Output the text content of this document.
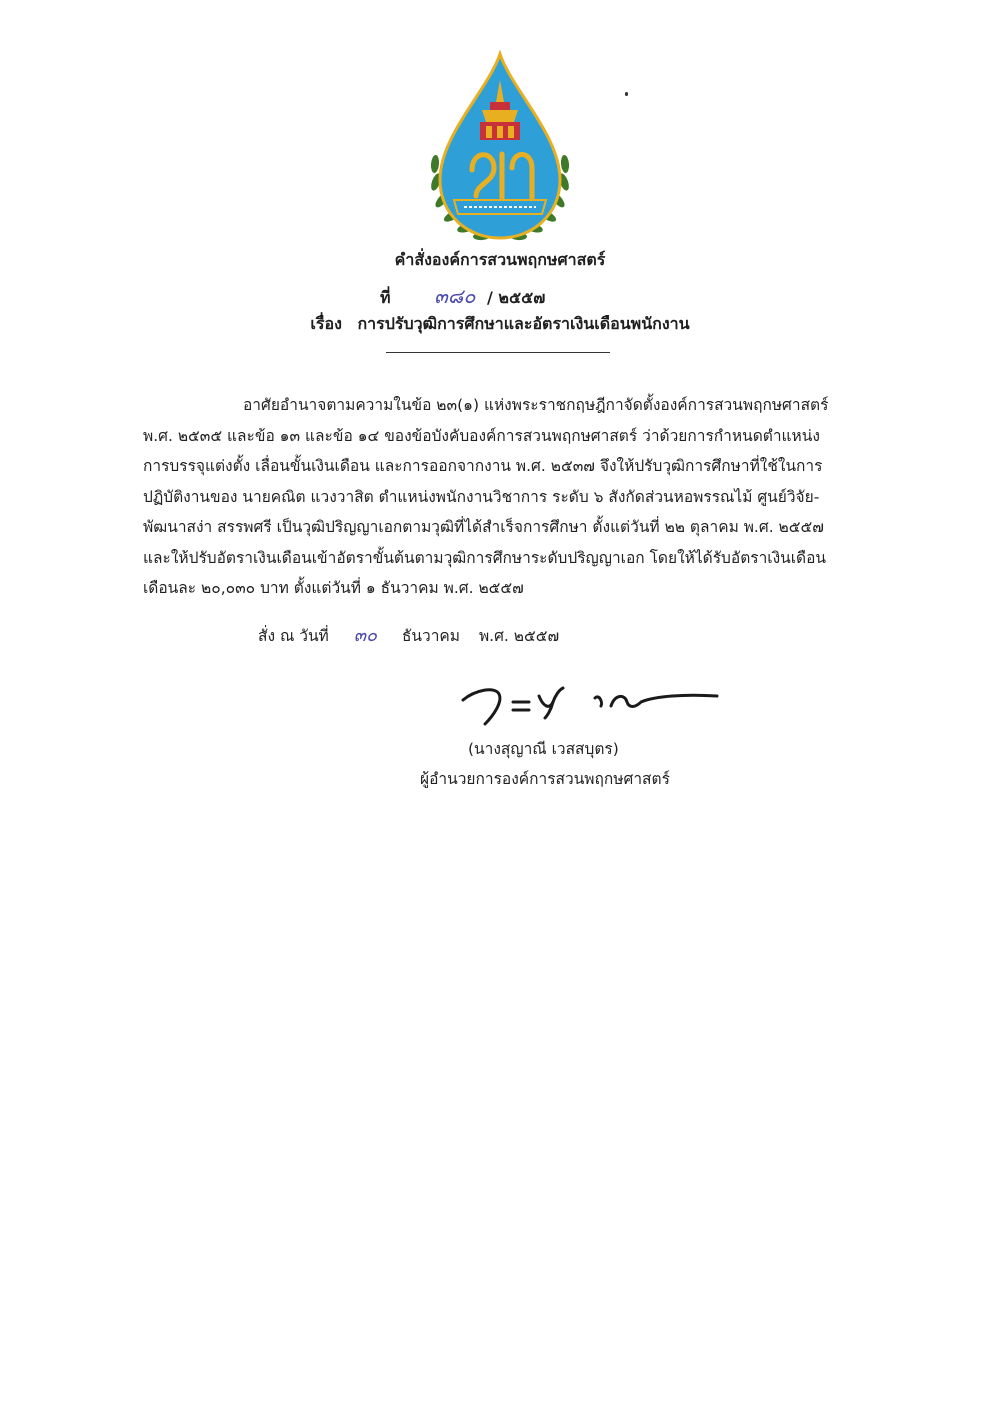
คำสั่งองค์การสวนพฤกษศาสตร์
ที่ ๓๘๐ / ๒๕๕๗
เรื่อง การปรับวุฒิการศึกษาและอัตราเงินเดือนพนักงาน
อาศัยอำนาจตามความในข้อ ๒๓(๑) แห่งพระราชกฤษฎีกาจัดตั้งองค์การสวนพฤกษศาสตร์
พ.ศ. ๒๕๓๕ และข้อ ๑๓ และข้อ ๑๔ ของข้อบังคับองค์การสวนพฤกษศาสตร์ ว่าด้วยการกำหนดตำแหน่ง
การบรรจุแต่งตั้ง เลื่อนขั้นเงินเดือน และการออกจากงาน พ.ศ. ๒๕๓๗ จึงให้ปรับวุฒิการศึกษาที่ใช้ในการ
ปฏิบัติงานของ นายคณิต แวงวาสิต ตำแหน่งพนักงานวิชาการ ระดับ ๖ สังกัดส่วนหอพรรณไม้ ศูนย์วิจัย-
พัฒนาสง่า สรรพศรี เป็นวุฒิปริญญาเอกตามวุฒิที่ได้สำเร็จการศึกษา ตั้งแต่วันที่ ๒๒ ตุลาคม พ.ศ. ๒๕๕๗
และให้ปรับอัตราเงินเดือนเข้าอัตราขั้นต้นตามวุฒิการศึกษาระดับปริญญาเอก โดยให้ได้รับอัตราเงินเดือน
เดือนละ ๒๐,๐๓๐ บาท ตั้งแต่วันที่ ๑ ธันวาคม พ.ศ. ๒๕๕๗
สั่ง ณ วันที่ ๓๐ ธันวาคม พ.ศ. ๒๕๕๗
(นางสุญาณี เวสสบุตร)
ผู้อำนวยการองค์การสวนพฤกษศาสตร์
